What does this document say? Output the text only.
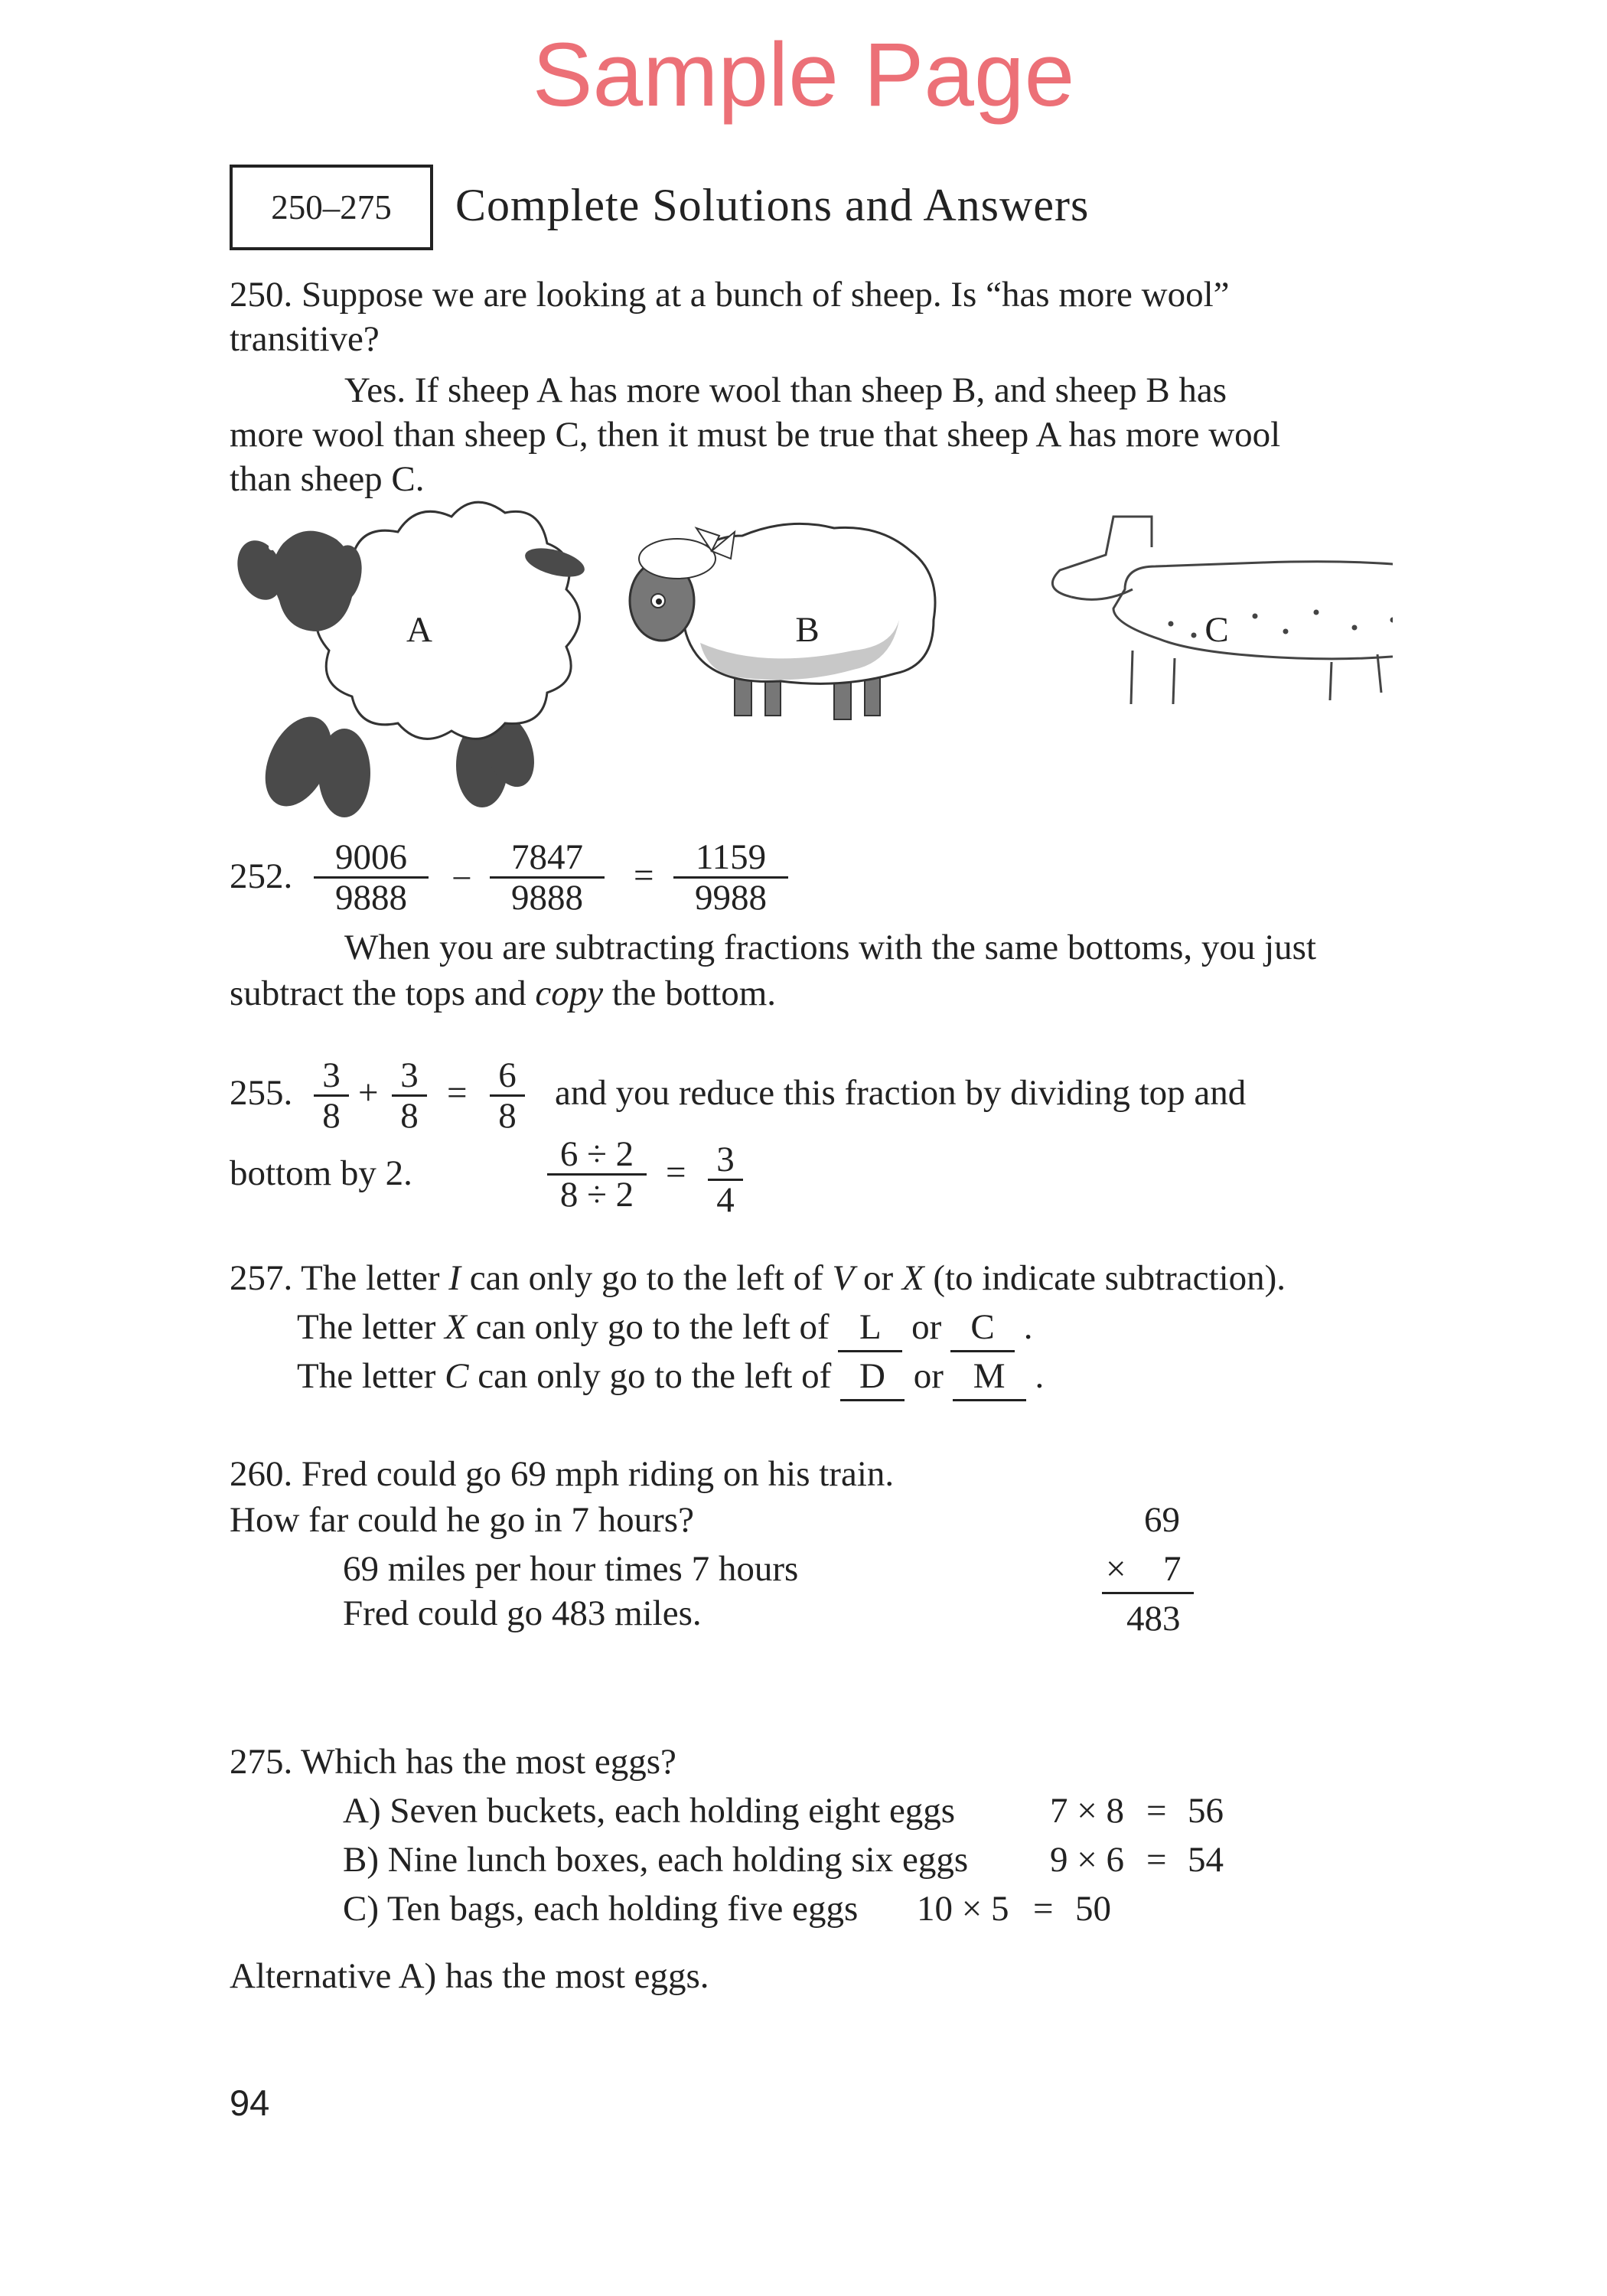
Sample Page
250–275	Complete Solutions and Answers
250. Suppose we are looking at a bunch of sheep. Is “has more wool”
transitive?
Yes. If sheep A has more wool than sheep B, and sheep B has
more wool than sheep C, then it must be true that sheep A has more wool
than sheep C.
A	B	C
252. $\frac{9006}{9888} - \frac{7847}{9888} = \frac{1159}{9988}$
When you are subtracting fractions with the same bottoms, you just
subtract the tops and copy the bottom.
255. $\frac{3}{8} + \frac{3}{8} = \frac{6}{8}$ and you reduce this fraction by dividing top and
bottom by 2.	$\frac{6 \div 2}{8 \div 2} = \frac{3}{4}$
257. The letter I can only go to the left of V or X (to indicate subtraction).
The letter X can only go to the left of L or C .
The letter C can only go to the left of D or M .
260. Fred could go 69 mph riding on his train.
How far could he go in 7 hours?
69 miles per hour times 7 hours
Fred could go 483 miles.
69
× 7
483
275. Which has the most eggs?
A) Seven buckets, each holding eight eggs	7 × 8 = 56
B) Nine lunch boxes, each holding six eggs 9 × 6 = 54
C) Ten bags, each holding five eggs 10 × 5 = 50
Alternative A) has the most eggs.
94
